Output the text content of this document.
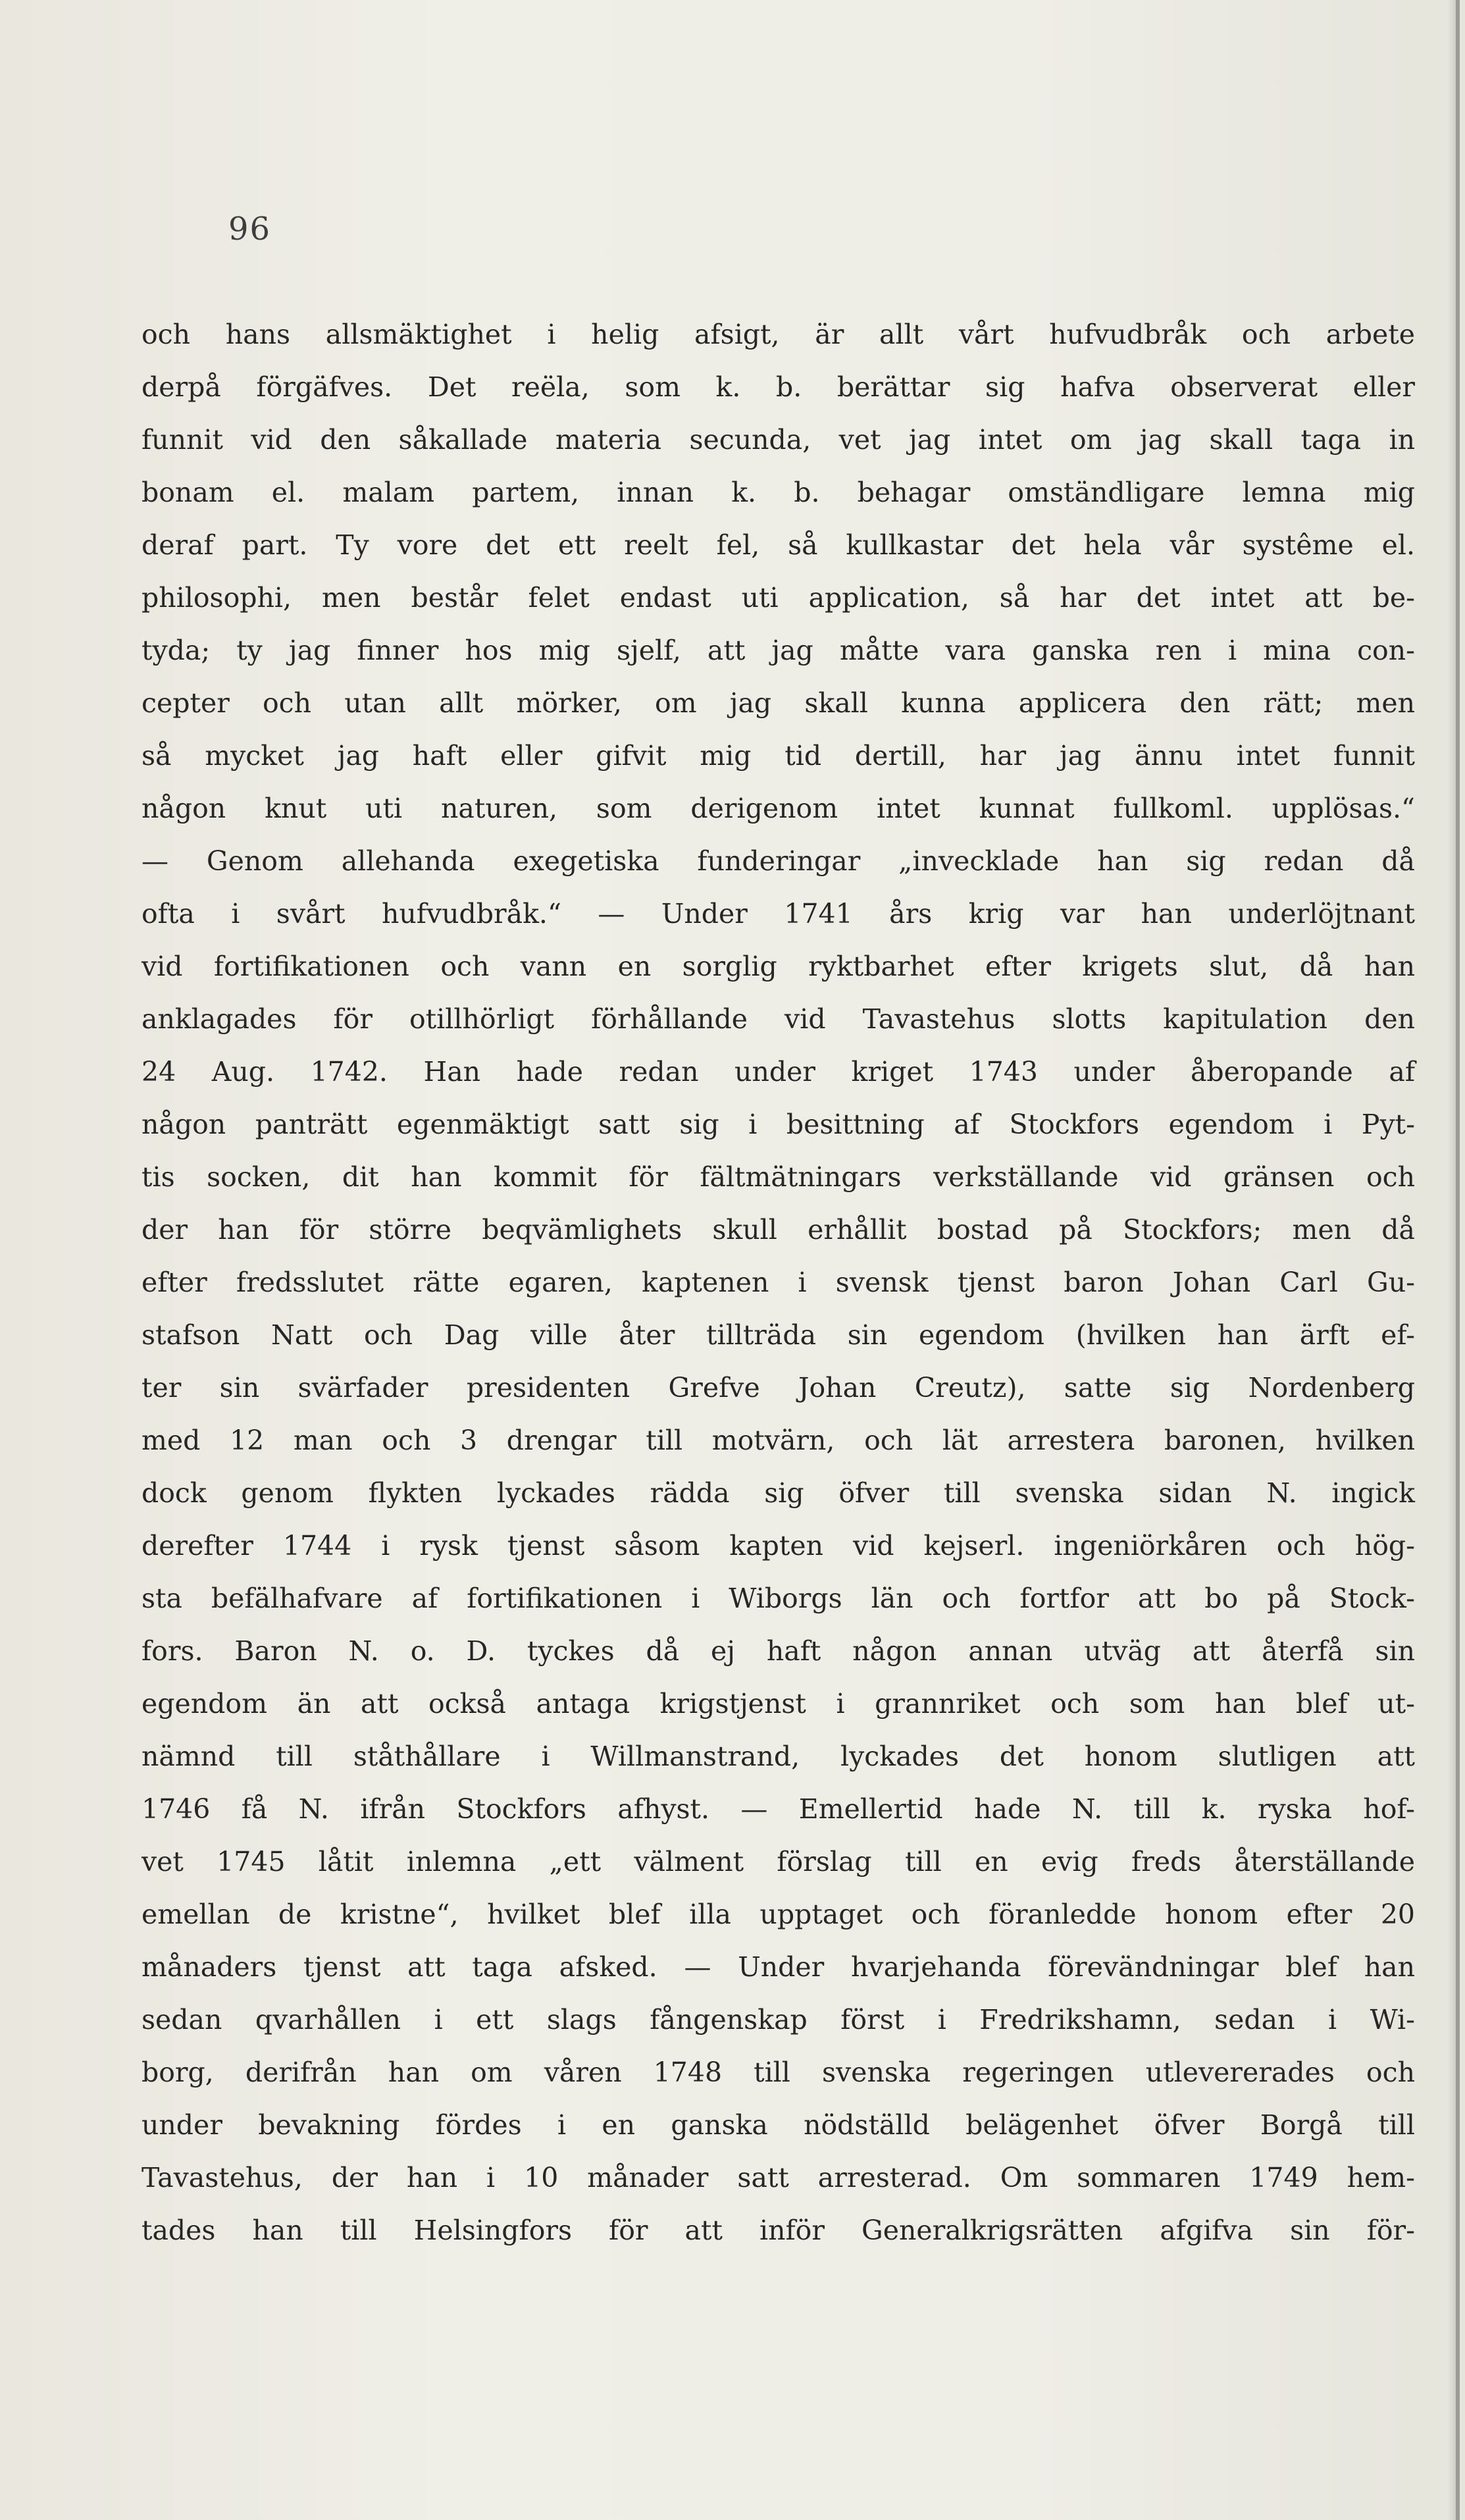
96
och hans allsmäktighet i helig afsigt, är allt vårt hufvudbråk och arbete
derpå förgäfves. Det reëla, som k. b. berättar sig hafva observerat eller
funnit vid den såkallade materia secunda, vet jag intet om jag skall taga in
bonam el. malam partem, innan k. b. behagar omständligare lemna mig
deraf part. Ty vore det ett reelt fel, så kullkastar det hela vår systême el.
philosophi, men består felet endast uti application, så har det intet att be-
tyda; ty jag finner hos mig sjelf, att jag måtte vara ganska ren i mina con-
cepter och utan allt mörker, om jag skall kunna applicera den rätt; men
så mycket jag haft eller gifvit mig tid dertill, har jag ännu intet funnit
någon knut uti naturen, som derigenom intet kunnat fullkoml. upplösas.“
— Genom allehanda exegetiska funderingar „invecklade han sig redan då
ofta i svårt hufvudbråk.“ — Under 1741 års krig var han underlöjtnant
vid fortifikationen och vann en sorglig ryktbarhet efter krigets slut, då han
anklagades för otillhörligt förhållande vid Tavastehus slotts kapitulation den
24 Aug. 1742. Han hade redan under kriget 1743 under åberopande af
någon panträtt egenmäktigt satt sig i besittning af Stockfors egendom i Pyt-
tis socken, dit han kommit för fältmätningars verkställande vid gränsen och
der han för större beqvämlighets skull erhållit bostad på Stockfors; men då
efter fredsslutet rätte egaren, kaptenen i svensk tjenst baron Johan Carl Gu-
stafson Natt och Dag ville åter tillträda sin egendom (hvilken han ärft ef-
ter sin svärfader presidenten Grefve Johan Creutz), satte sig Nordenberg
med 12 man och 3 drengar till motvärn, och lät arrestera baronen, hvilken
dock genom flykten lyckades rädda sig öfver till svenska sidan N. ingick
derefter 1744 i rysk tjenst såsom kapten vid kejserl. ingeniörkåren och hög-
sta befälhafvare af fortifikationen i Wiborgs län och fortfor att bo på Stock-
fors. Baron N. o. D. tyckes då ej haft någon annan utväg att återfå sin
egendom än att också antaga krigstjenst i grannriket och som han blef ut-
nämnd till ståthållare i Willmanstrand, lyckades det honom slutligen att
1746 få N. ifrån Stockfors afhyst. — Emellertid hade N. till k. ryska hof-
vet 1745 låtit inlemna „ett välment förslag till en evig freds återställande
emellan de kristne“, hvilket blef illa upptaget och föranledde honom efter 20
månaders tjenst att taga afsked. — Under hvarjehanda förevändningar blef han
sedan qvarhållen i ett slags fångenskap först i Fredrikshamn, sedan i Wi-
borg, derifrån han om våren 1748 till svenska regeringen utlevererades och
under bevakning fördes i en ganska nödställd belägenhet öfver Borgå till
Tavastehus, der han i 10 månader satt arresterad. Om sommaren 1749 hem-
tades han till Helsingfors för att inför Generalkrigsrätten afgifva sin för-
